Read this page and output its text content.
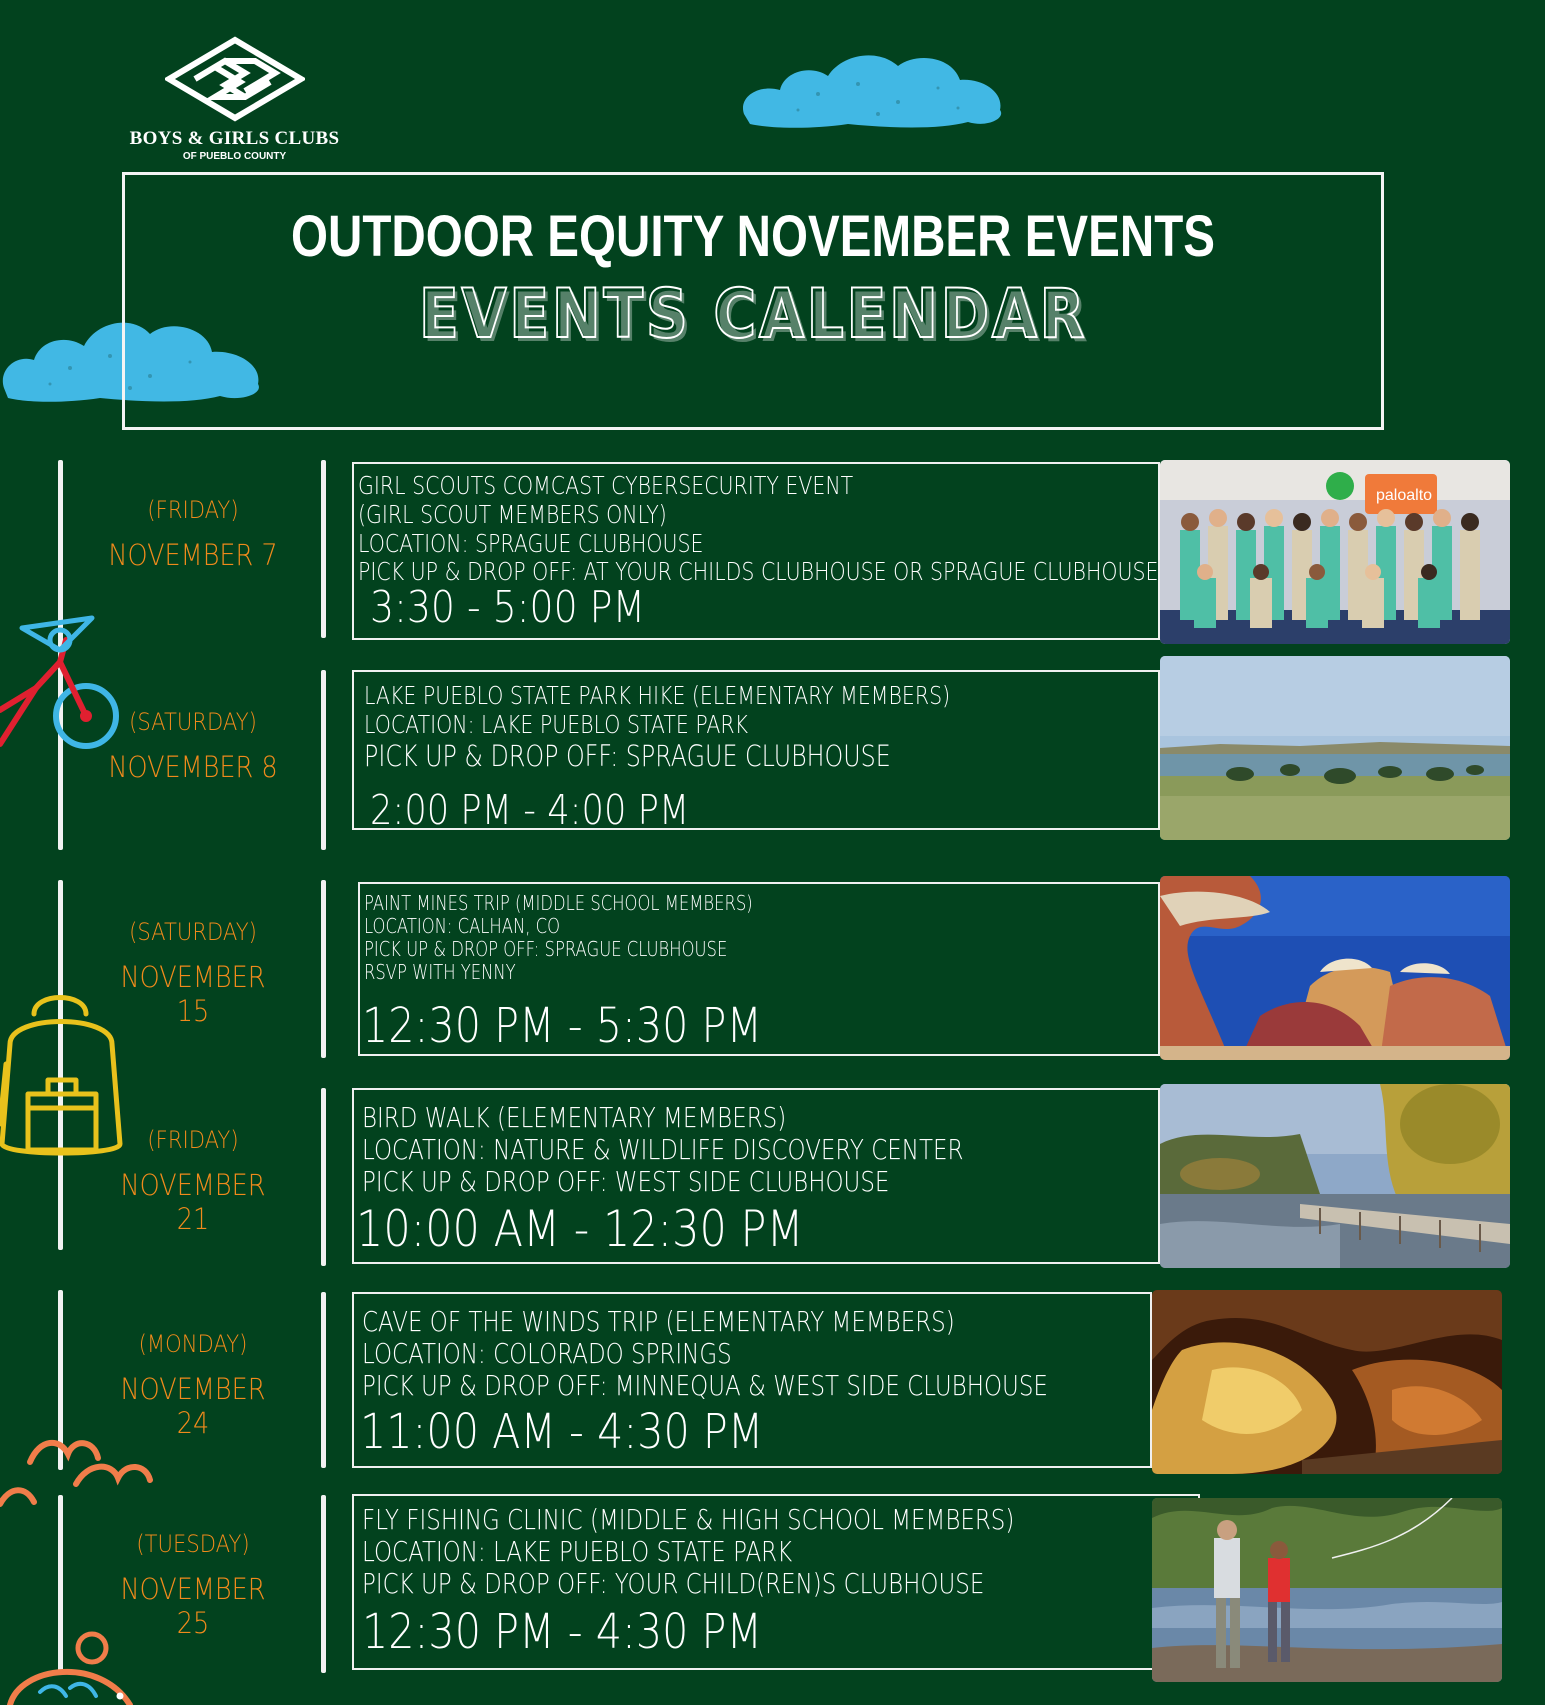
BOYS & GIRLS CLUBS
OF PUEBLO COUNTY
OUTDOOR EQUITY NOVEMBER EVENTS
EVENTS CALENDAR
(FRIDAY)
NOVEMBER 7
GIRL SCOUTS COMCAST CYBERSECURITY EVENT
(GIRL SCOUT MEMBERS ONLY)
LOCATION: SPRAGUE CLUBHOUSE
PICK UP & DROP OFF: AT YOUR CHILDS CLUBHOUSE OR SPRAGUE CLUBHOUSE
3:30 - 5:00 PM
paloalto
(SATURDAY)
NOVEMBER 8
LAKE PUEBLO STATE PARK HIKE (ELEMENTARY MEMBERS)
LOCATION: LAKE PUEBLO STATE PARK
PICK UP & DROP OFF: SPRAGUE CLUBHOUSE
2:00 PM - 4:00 PM
(SATURDAY)
NOVEMBER 15
PAINT MINES TRIP (MIDDLE SCHOOL MEMBERS)
LOCATION: CALHAN, CO
PICK UP & DROP OFF: SPRAGUE CLUBHOUSE
RSVP WITH YENNY
12:30 PM - 5:30 PM
(FRIDAY)
NOVEMBER 21
BIRD WALK (ELEMENTARY MEMBERS)
LOCATION: NATURE & WILDLIFE DISCOVERY CENTER
PICK UP & DROP OFF: WEST SIDE CLUBHOUSE
10:00 AM - 12:30 PM
(MONDAY)
NOVEMBER 24
CAVE OF THE WINDS TRIP (ELEMENTARY MEMBERS)
LOCATION: COLORADO SPRINGS
PICK UP & DROP OFF: MINNEQUA & WEST SIDE CLUBHOUSE
11:00 AM - 4:30 PM
(TUESDAY)
NOVEMBER 25
FLY FISHING CLINIC (MIDDLE & HIGH SCHOOL MEMBERS)
LOCATION: LAKE PUEBLO STATE PARK
PICK UP & DROP OFF: YOUR CHILD(REN)S CLUBHOUSE
12:30 PM - 4:30 PM
